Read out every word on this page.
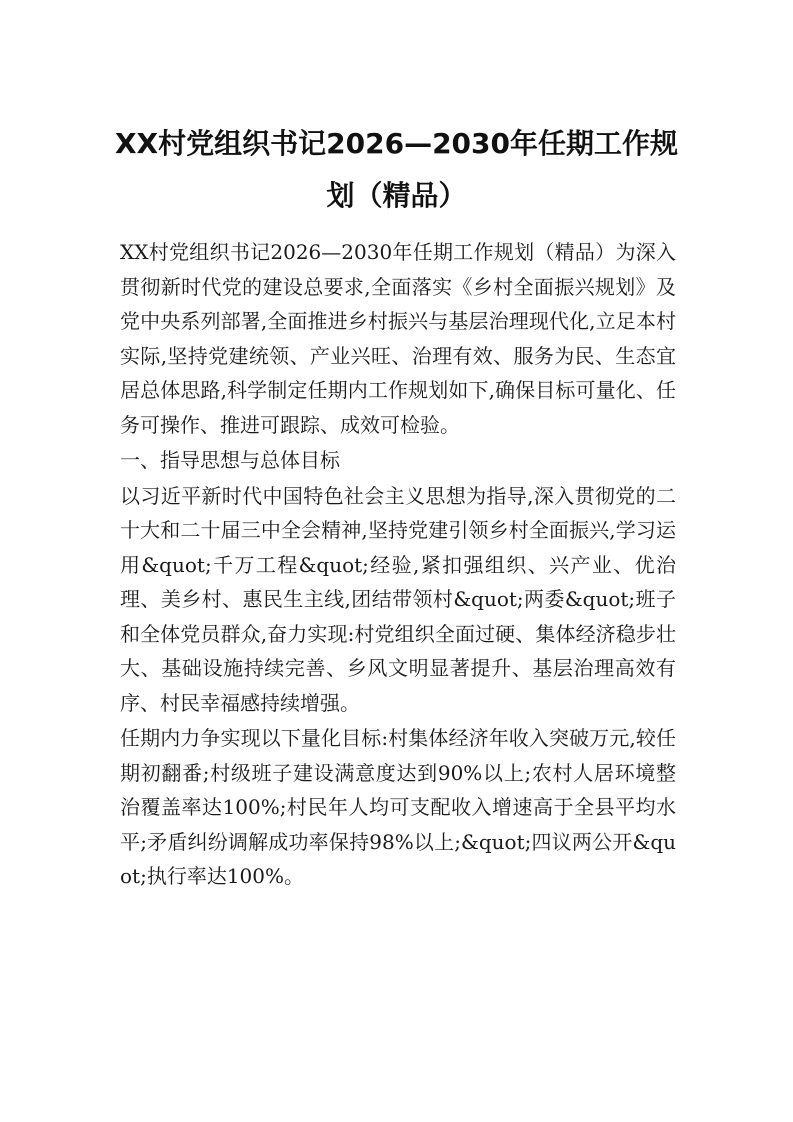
XX村党组织书记2026—2030年任期工作规划（精品）

XX村党组织书记2026—2030年任期工作规划（精品）为深入贯彻新时代党的建设总要求,全面落实《乡村全面振兴规划》及党中央系列部署,全面推进乡村振兴与基层治理现代化,立足本村实际,坚持党建统领、产业兴旺、治理有效、服务为民、生态宜居总体思路,科学制定任期内工作规划如下,确保目标可量化、任务可操作、推进可跟踪、成效可检验。

一、指导思想与总体目标

以习近平新时代中国特色社会主义思想为指导,深入贯彻党的二十大和二十届三中全会精神,坚持党建引领乡村全面振兴,学习运用&quot;千万工程&quot;经验,紧扣强组织、兴产业、优治理、美乡村、惠民生主线,团结带领村&quot;两委&quot;班子和全体党员群众,奋力实现:村党组织全面过硬、集体经济稳步壮大、基础设施持续完善、乡风文明显著提升、基层治理高效有序、村民幸福感持续增强。

任期内力争实现以下量化目标:村集体经济年收入突破万元,较任期初翻番;村级班子建设满意度达到90%以上;农村人居环境整治覆盖率达100%;村民年人均可支配收入增速高于全县平均水平;矛盾纠纷调解成功率保持98%以上;&quot;四议两公开&quot;执行率达100%。
